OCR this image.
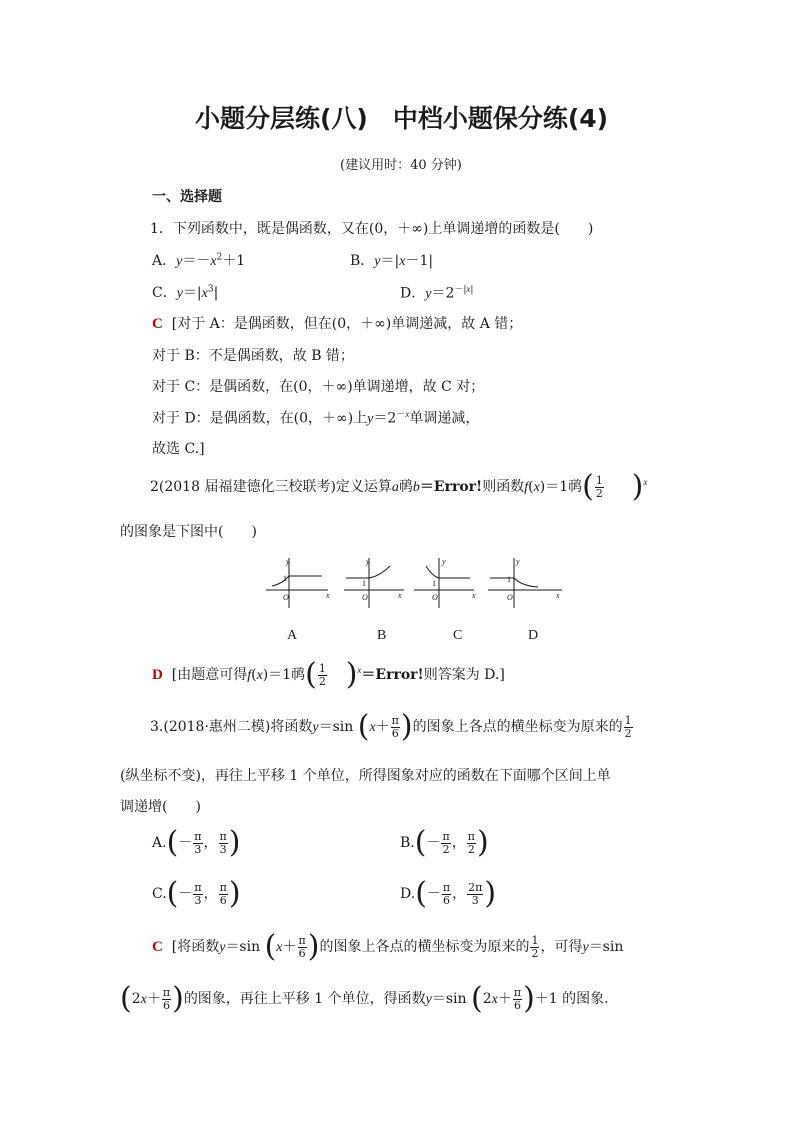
小题分层练(八)　中档小题保分练(4)
(建议用时：40 分钟)
一、选择题
1．下列函数中，既是偶函数，又在(0，＋∞)上单调递增的函数是(　　)
A．$y=-x^2+1$	B．y＝|x－1|
C．$y=|x^3|$	D．$y=2^{-|x|}$
C [对于 A：是偶函数，但在(0，＋∞)单调递减，故 A 错；
对于 B：不是偶函数，故 B 错；
对于 C：是偶函数，在(0，＋∞)单调递增，故 C 对；
对于 D：是偶函数，在(0，＋∞)上$y=2^{-x}$单调递减，
故选 C.]
2(2018 届福建德化三校联考)定义运算a䴓b＝Error!则函数f(x)＝1䴓( $\frac{1}{2} )^x$
的图象是下图中(　　)
y
1
O	x
y
1
O	x
y
1
O	x
y
1
O	x
A	B	C	D
D [由题意可得f(x)＝1䴓( $\frac{1}{2}$ )$^x$＝Error!则答案为 D.]
3.(2018·惠州二模)将函数y＝sin ($x+ \frac{\pi}{6}$ )的图象上各点的横坐标变为原来的 $\frac{1}{2}$
(纵坐标不变)，再往上平移 1 个单位，所得图象对应的函数在下面哪个区间上单
调递增(　　)
$A.(- \frac{\pi}{3}$ ， $\frac{\pi}{3}$ )	$B.(- \frac{\pi}{2}$ ， $\frac{\pi}{2}$ )
$C.(- \frac{\pi}{3}$ ， $\frac{\pi}{6}$ )	$D.(- \frac{\pi}{6}$ ， $\frac{2\pi}{3}$ )
C [将函数y＝sin ($x+ \frac{\pi}{6}$ )的图象上各点的横坐标变为原来的 $\frac{1}{2}$ ，可得y＝sin
($2x+ \frac{\pi}{6}$ )的图象，再往上平移 1 个单位，得函数y＝sin $(2x+ \frac{\pi}{6} )+1$ 的图象.
